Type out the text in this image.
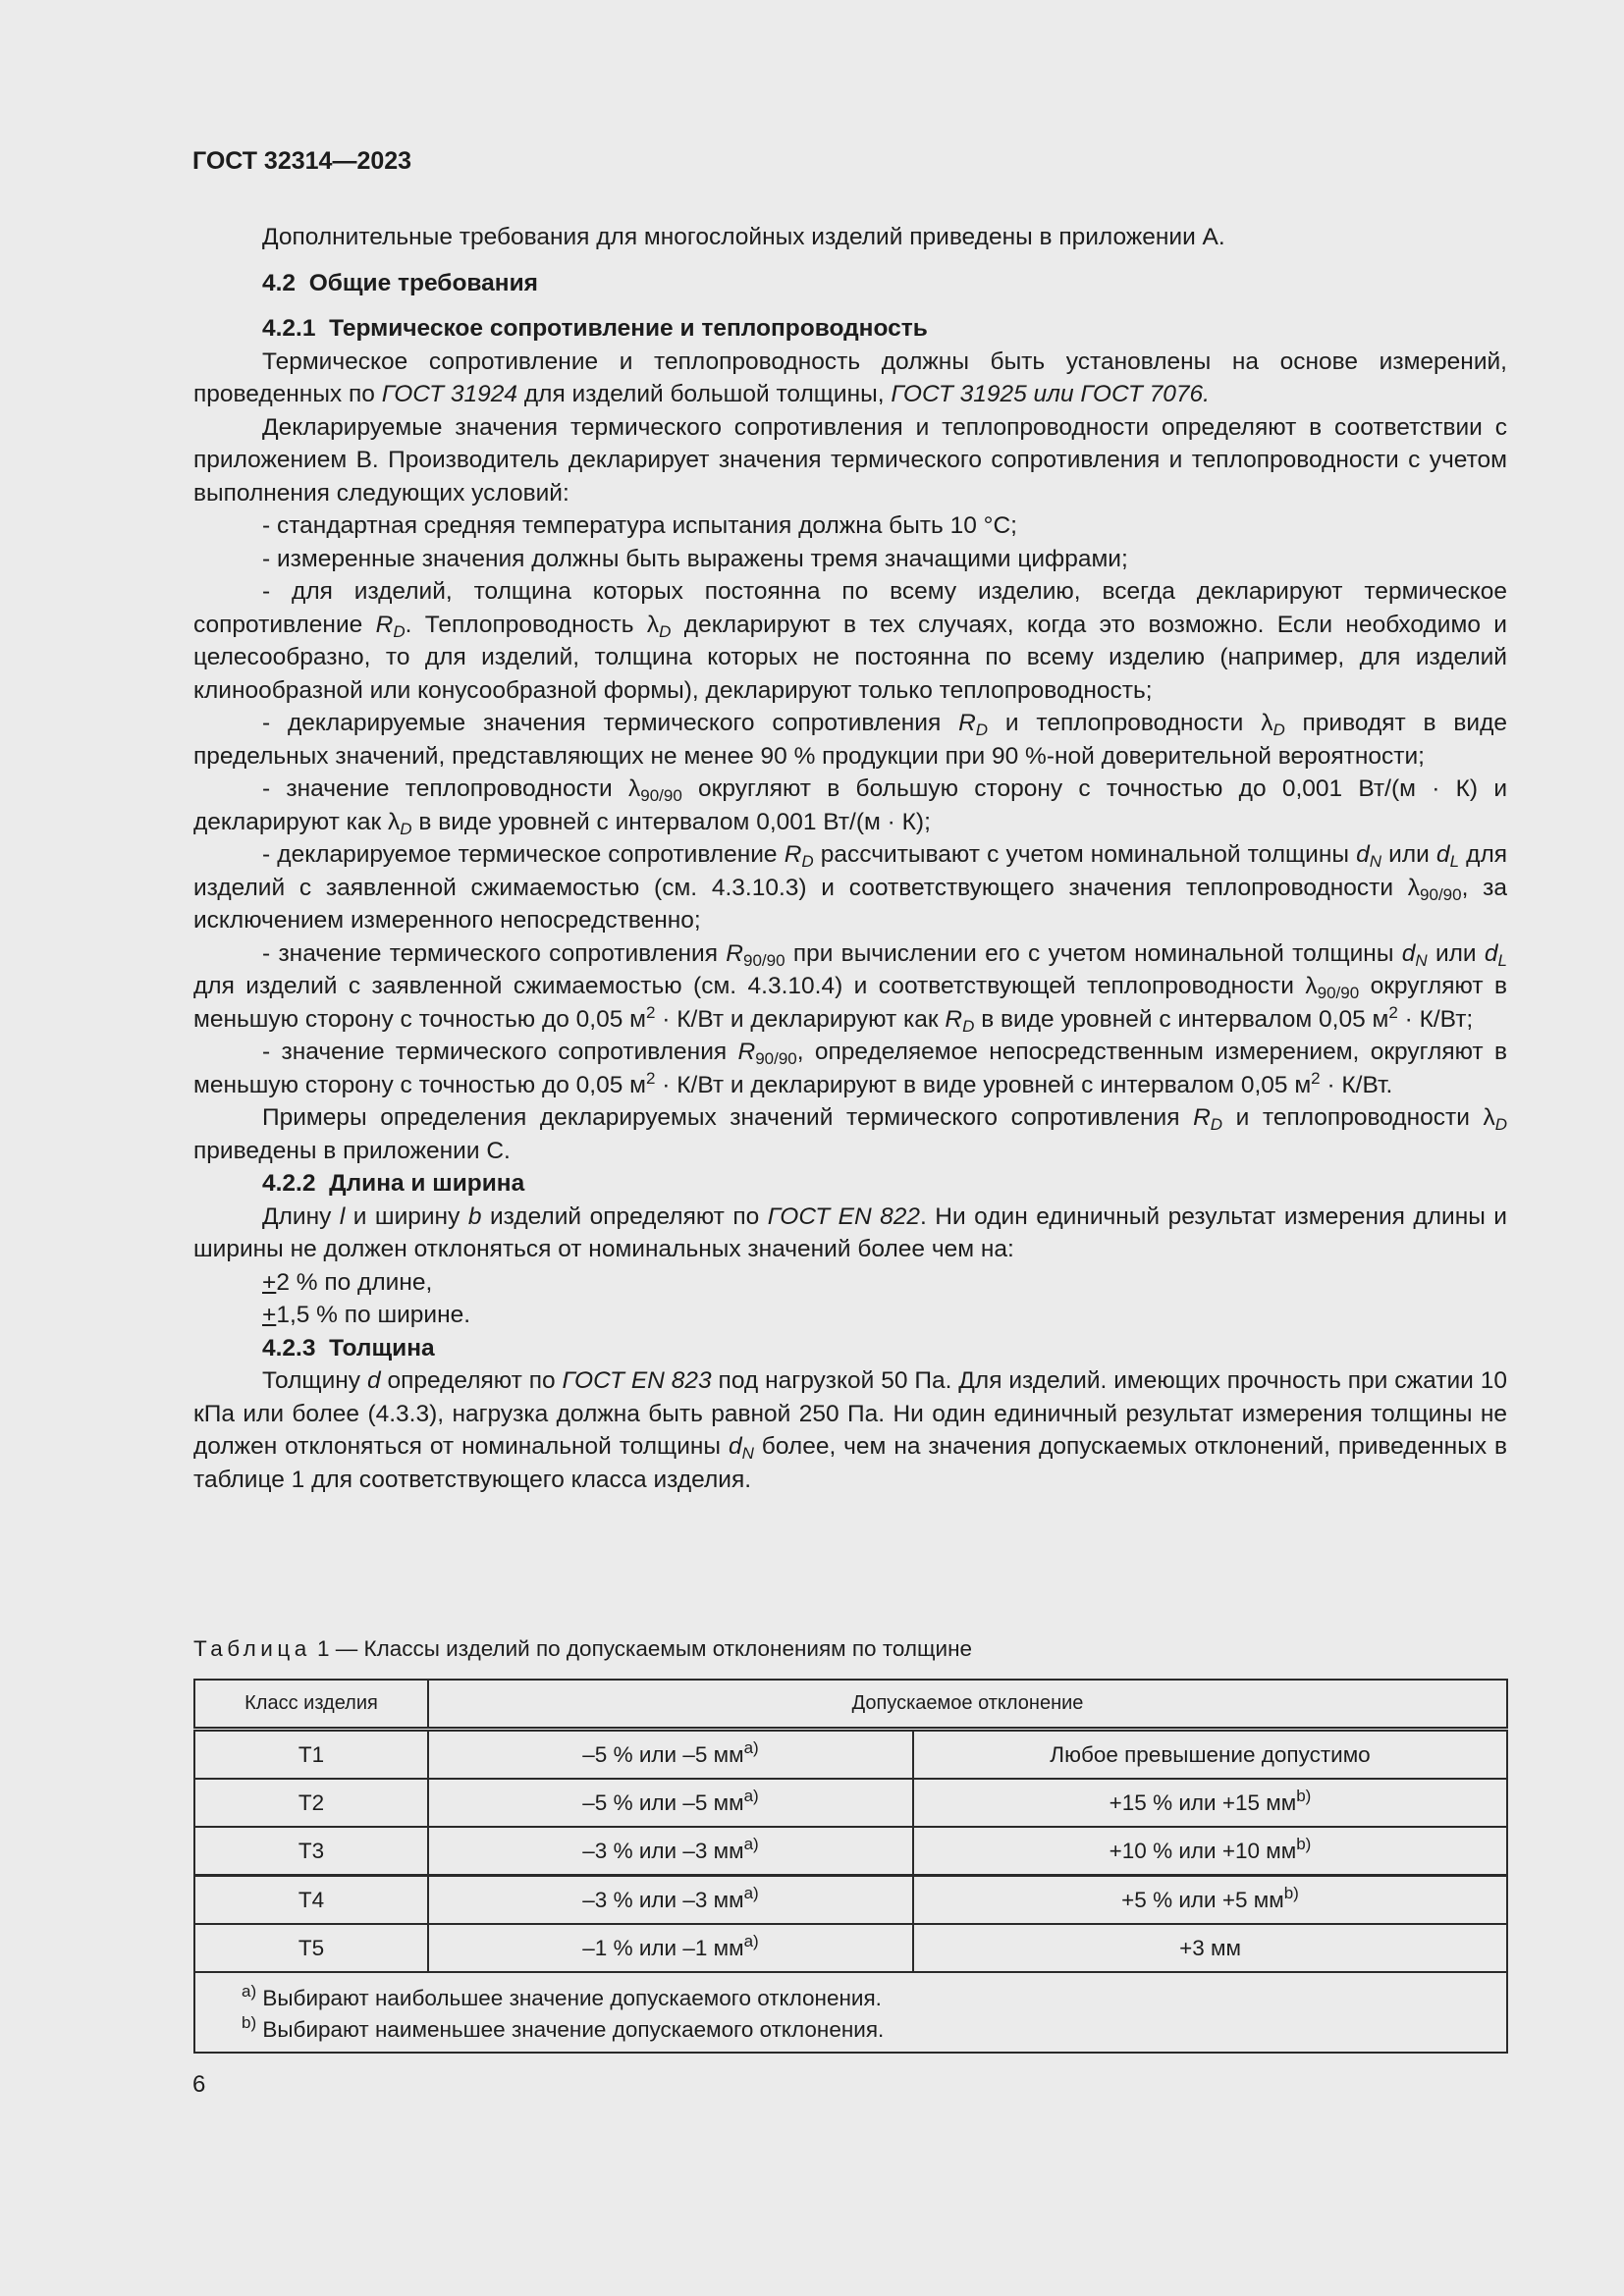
ГОСТ 32314—2023

Дополнительные требования для многослойных изделий приведены в приложении А.

4.2 Общие требования

4.2.1 Термическое сопротивление и теплопроводность

Термическое сопротивление и теплопроводность должны быть установлены на основе измерений, проведенных по ГОСТ 31924 для изделий большой толщины, ГОСТ 31925 или ГОСТ 7076.

Декларируемые значения термического сопротивления и теплопроводности определяют в соответствии с приложением В. Производитель декларирует значения термического сопротивления и теплопроводности с учетом выполнения следующих условий:

- стандартная средняя температура испытания должна быть 10 °С;

- измеренные значения должны быть выражены тремя значащими цифрами;

- для изделий, толщина которых постоянна по всему изделию, всегда декларируют термическое сопротивление $R_D$. Теплопроводность $\lambda_D$ декларируют в тех случаях, когда это возможно. Если необходимо и целесообразно, то для изделий, толщина которых не постоянна по всему изделию (например, для изделий клинообразной или конусообразной формы), декларируют только теплопроводность;

- декларируемые значения термического сопротивления $R_D$ и теплопроводности $\lambda_D$ приводят в виде предельных значений, представляющих не менее 90 % продукции при 90 %-ной доверительной вероятности;

- значение теплопроводности $\lambda_{90/90}$ округляют в большую сторону с точностью до 0,001 Вт/(м · К) и декларируют как $\lambda_D$ в виде уровней с интервалом 0,001 Вт/(м · К);

- декларируемое термическое сопротивление $R_D$ рассчитывают с учетом номинальной толщины $d_N$ или $d_L$ для изделий с заявленной сжимаемостью (см. 4.3.10.3) и соответствующего значения теплопроводности $\lambda_{90/90}$, за исключением измеренного непосредственно;

- значение термического сопротивления $R_{90/90}$ при вычислении его с учетом номинальной толщины $d_N$ или $d_L$ для изделий с заявленной сжимаемостью (см. 4.3.10.4) и соответствующей теплопроводности $\lambda_{90/90}$ округляют в меньшую сторону с точностью до 0,05 $м^2 \cdot К/Вт$ и декларируют как $R_D$ в виде уровней с интервалом 0,05 $м^2 \cdot К/Вт$;

- значение термического сопротивления $R_{90/90}$, определяемое непосредственным измерением, округляют в меньшую сторону с точностью до 0,05 $м^2 \cdot К/Вт$ и декларируют в виде уровней с интервалом 0,05 $м^2 \cdot К/Вт$.

Примеры определения декларируемых значений термического сопротивления $R_D$ и теплопроводности $\lambda_D$ приведены в приложении С.

4.2.2 Длина и ширина

Длину l и ширину b изделий определяют по ГОСТ EN 822. Ни один единичный результат измерения длины и ширины не должен отклоняться от номинальных значений более чем на:

+2 % по длине,

+1,5 % по ширине.

4.2.3 Толщина

Толщину d определяют по ГОСТ EN 823 под нагрузкой 50 Па. Для изделий. имеющих прочность при сжатии 10 кПа или более (4.3.3), нагрузка должна быть равной 250 Па. Ни один единичный результат измерения толщины не должен отклоняться от номинальной толщины $d_N$ более, чем на значения допускаемых отклонений, приведенных в таблице 1 для соответствующего класса изделия.

Таблица 1 — Классы изделий по допускаемым отклонениям по толщине
Класс изделия	Допускаемое отклонение	
T1	–5 % или –5 $мм^{a)}$	Любое превышение допустимо
T2	–5 % или –5 $мм^{a)}$	+15 % или +15 $мм^{b)}$
T3	–3 % или –3 $мм^{a)}$	+10 % или +10 $мм^{b)}$
T4	–3 % или –3 $мм^{a)}$	+5 % или +5 $мм^{b)}$
T5	–1 % или –1 $мм^{a)}$	+3 мм

$^{a)}$ Выбирают наибольшее значение допускаемого отклонения.
$^{b)}$ Выбирают наименьшее значение допускаемого отклонения.		
6
